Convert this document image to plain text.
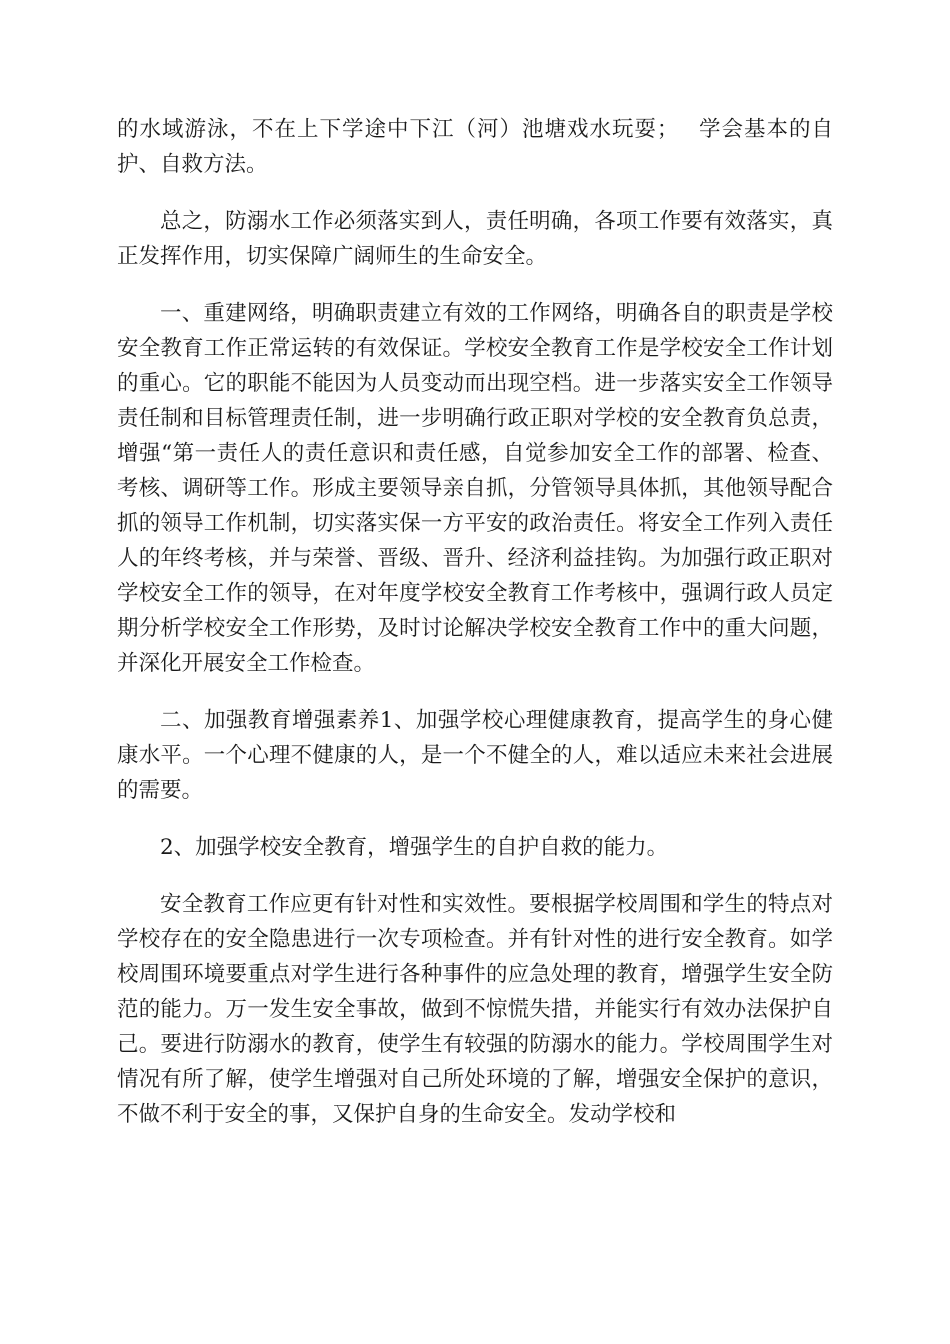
的水域游泳，不在上下学途中下江（河）池塘戏水玩耍；　 学会基本的自护、自救方法。

总之，防溺水工作必须落实到人，责任明确，各项工作要有效落实，真正发挥作用，切实保障广阔师生的生命安全。

一、重建网络，明确职责建立有效的工作网络，明确各自的职责是学校安全教育工作正常运转的有效保证。学校安全教育工作是学校安全工作计划的重心。它的职能不能因为人员变动而出现空档。进一步落实安全工作领导责任制和目标管理责任制，进一步明确行政正职对学校的安全教育负总责，增强“第一责任人的责任意识和责任感，自觉参加安全工作的部署、检查、考核、调研等工作。形成主要领导亲自抓，分管领导具体抓，其他领导配合抓的领导工作机制，切实落实保一方平安的政治责任。将安全工作列入责任人的年终考核，并与荣誉、晋级、晋升、经济利益挂钩。为加强行政正职对学校安全工作的领导，在对年度学校安全教育工作考核中，强调行政人员定期分析学校安全工作形势，及时讨论解决学校安全教育工作中的重大问题，并深化开展安全工作检查。

二、加强教育增强素养1、加强学校心理健康教育，提高学生的身心健康水平。一个心理不健康的人，是一个不健全的人，难以适应未来社会进展的需要。

2、加强学校安全教育，增强学生的自护自救的能力。

安全教育工作应更有针对性和实效性。要根据学校周围和学生的特点对学校存在的安全隐患进行一次专项检查。并有针对性的进行安全教育。如学校周围环境要重点对学生进行各种事件的应急处理的教育，增强学生安全防范的能力。万一发生安全事故，做到不惊慌失措，并能实行有效办法保护自己。要进行防溺水的教育，使学生有较强的防溺水的能力。学校周围学生对情况有所了解，使学生增强对自己所处环境的了解，增强安全保护的意识，不做不利于安全的事，又保护自身的生命安全。发动学校和
